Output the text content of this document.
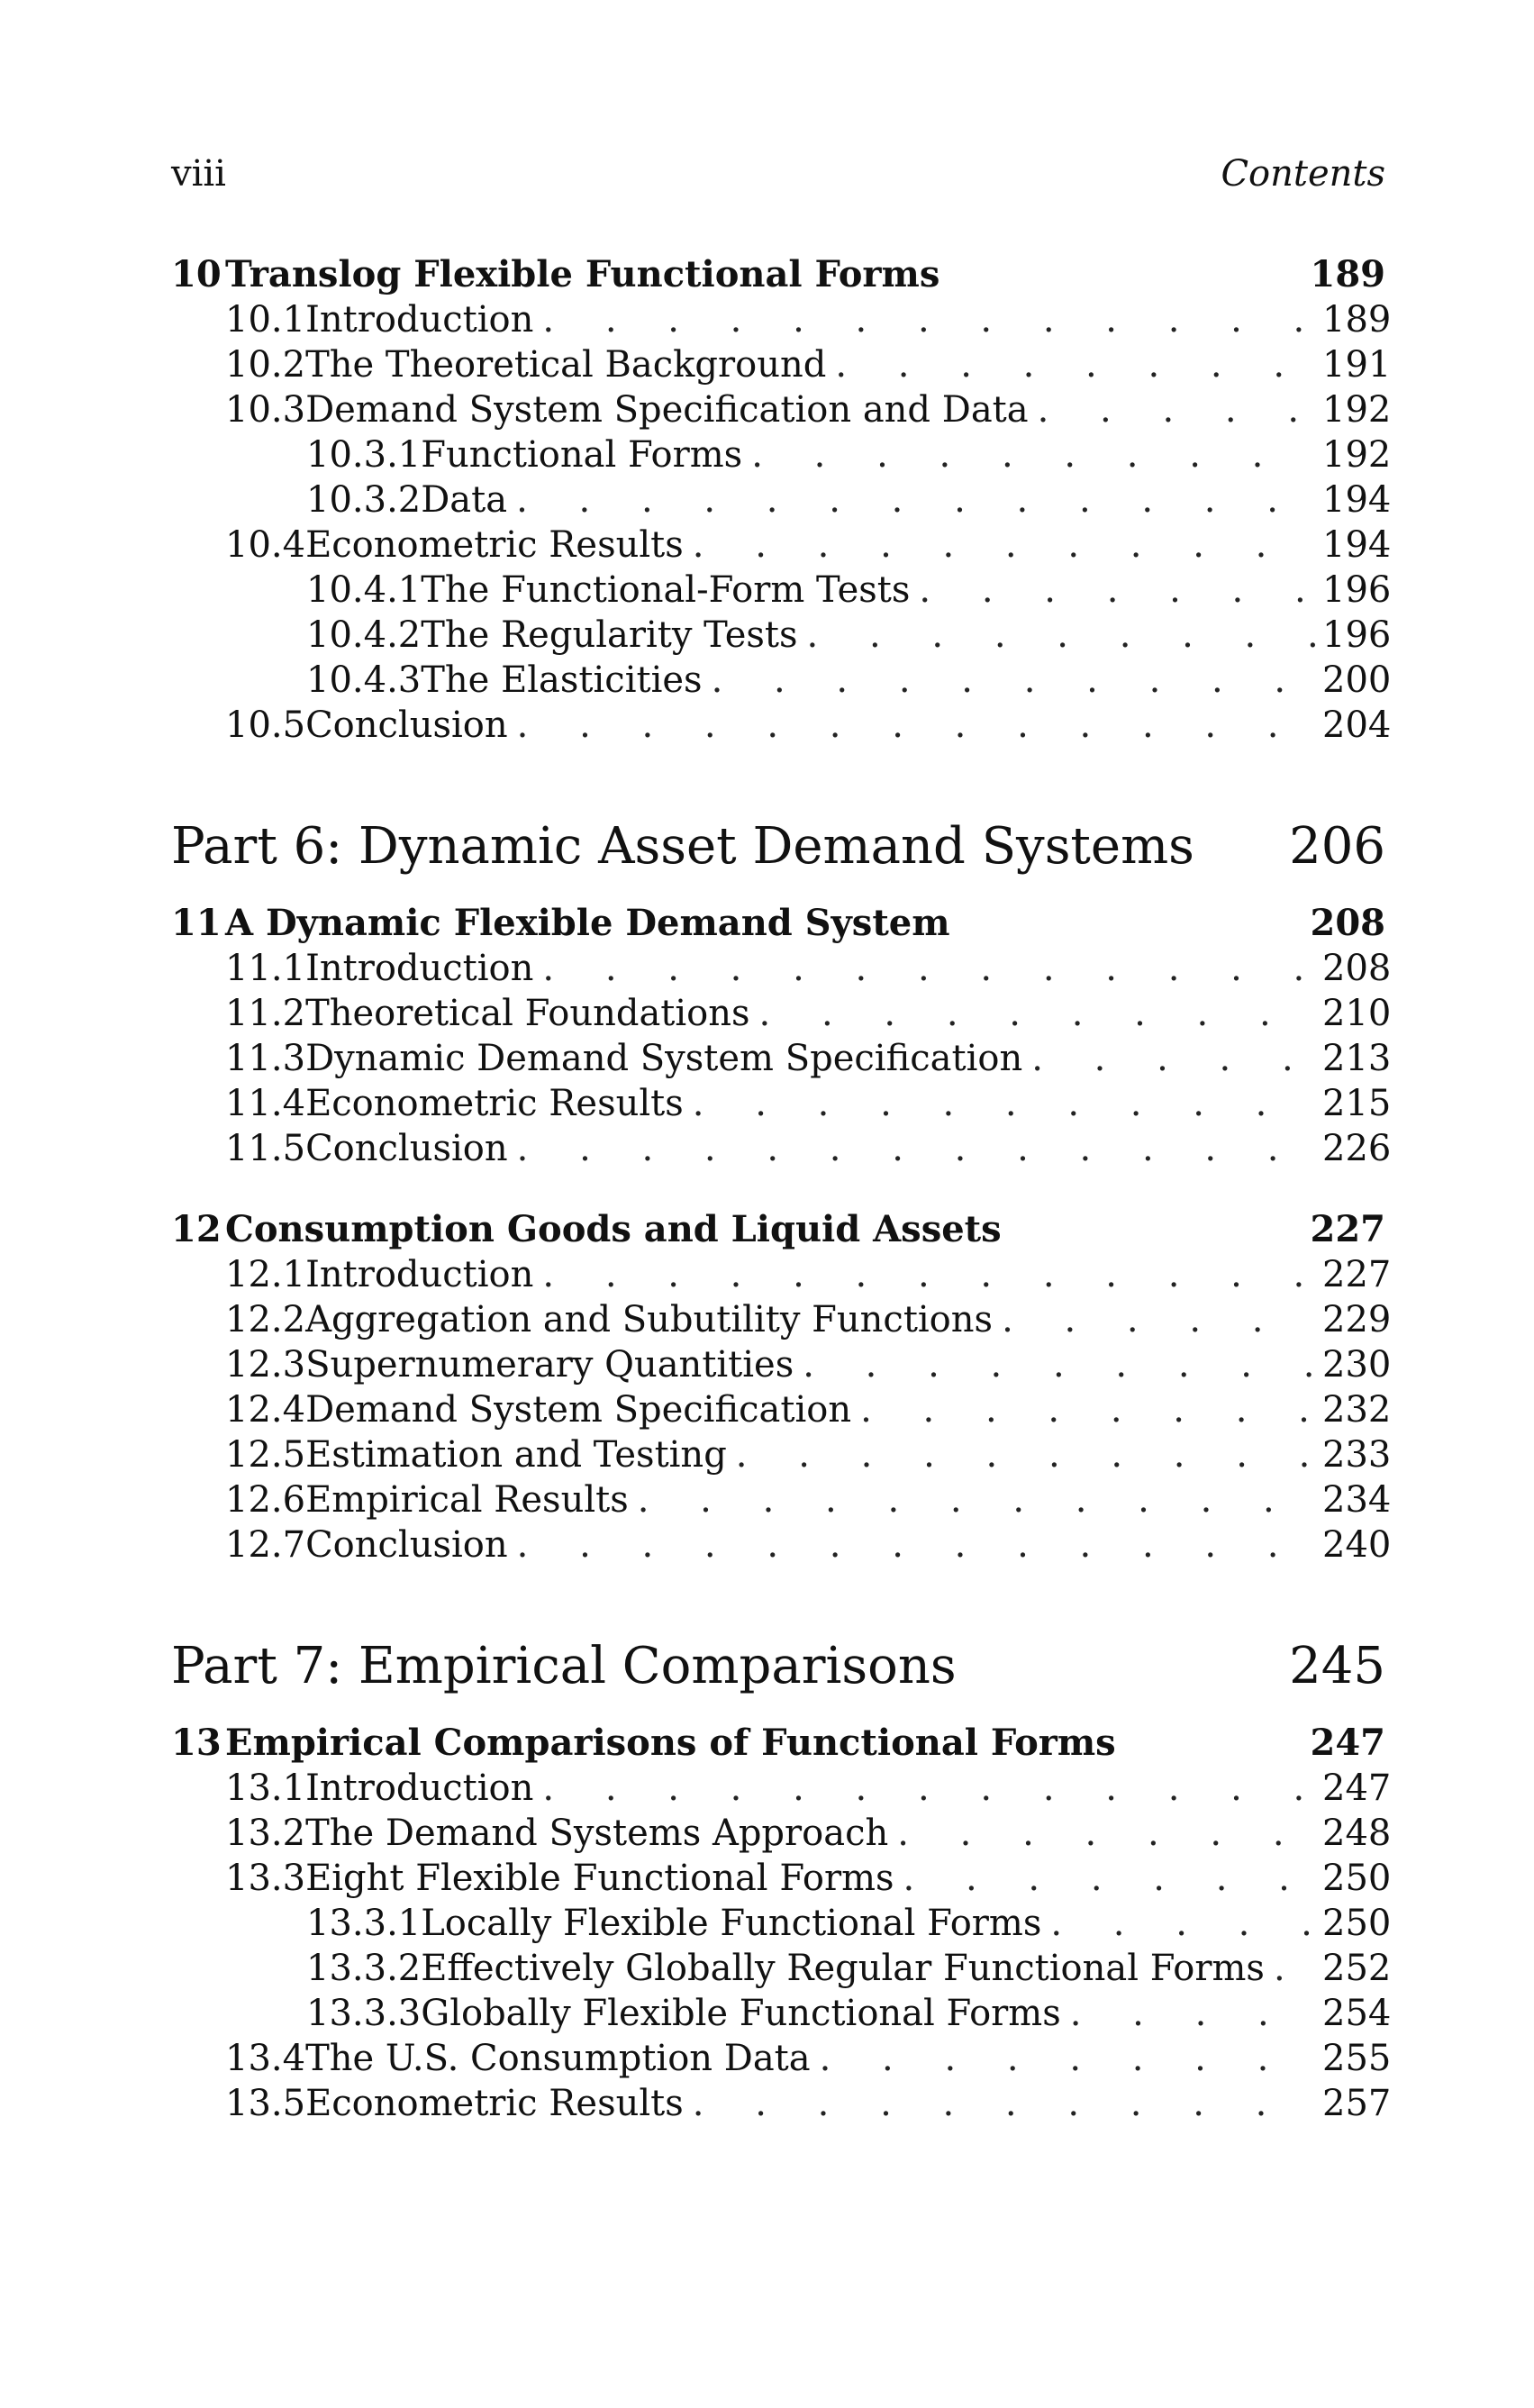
viii	Contents
10 Translog Flexible Functional Forms	189
10.1 Introduction . . .	189
10.2 The Theoretical Background . . .	191
10.3 Demand System Specification and Data . . .	192
10.3.1 Functional Forms . . .	192
10.3.2 Data . . .	194
10.4 Econometric Results . . .	194
10.4.1 The Functional-Form Tests . . .	196
10.4.2 The Regularity Tests . . .	196
10.4.3 The Elasticities . . .	200
10.5 Conclusion . . .	204
Part 6: Dynamic Asset Demand Systems 206
11 A Dynamic Flexible Demand System	208
11.1 Introduction . . .	208
11.2 Theoretical Foundations . . .	210
11.3 Dynamic Demand System Specification . . .	213
11.4 Econometric Results . . .	215
11.5 Conclusion . . .	226
12 Consumption Goods and Liquid Assets	227
12.1 Introduction . . .	227
12.2 Aggregation and Subutility Functions . . .	229
12.3 Supernumerary Quantities . . .	230
12.4 Demand System Specification . . .	232
12.5 Estimation and Testing . . .	233
12.6 Empirical Results . . .	234
12.7 Conclusion . . .	240
Part 7: Empirical Comparisons	245
13 Empirical Comparisons of Functional Forms	247
13.1 Introduction . . .	247
13.2 The Demand Systems Approach . . .	248
13.3 Eight Flexible Functional Forms . . .	250
13.3.1 Locally Flexible Functional Forms . . .	250
13.3.2 Effectively Globally Regular Functional Forms . . . 252
13.3.3 Globally Flexible Functional Forms . . .	254
13.4 The U.S. Consumption Data . . .	255
13.5 Econometric Results . . .	257
